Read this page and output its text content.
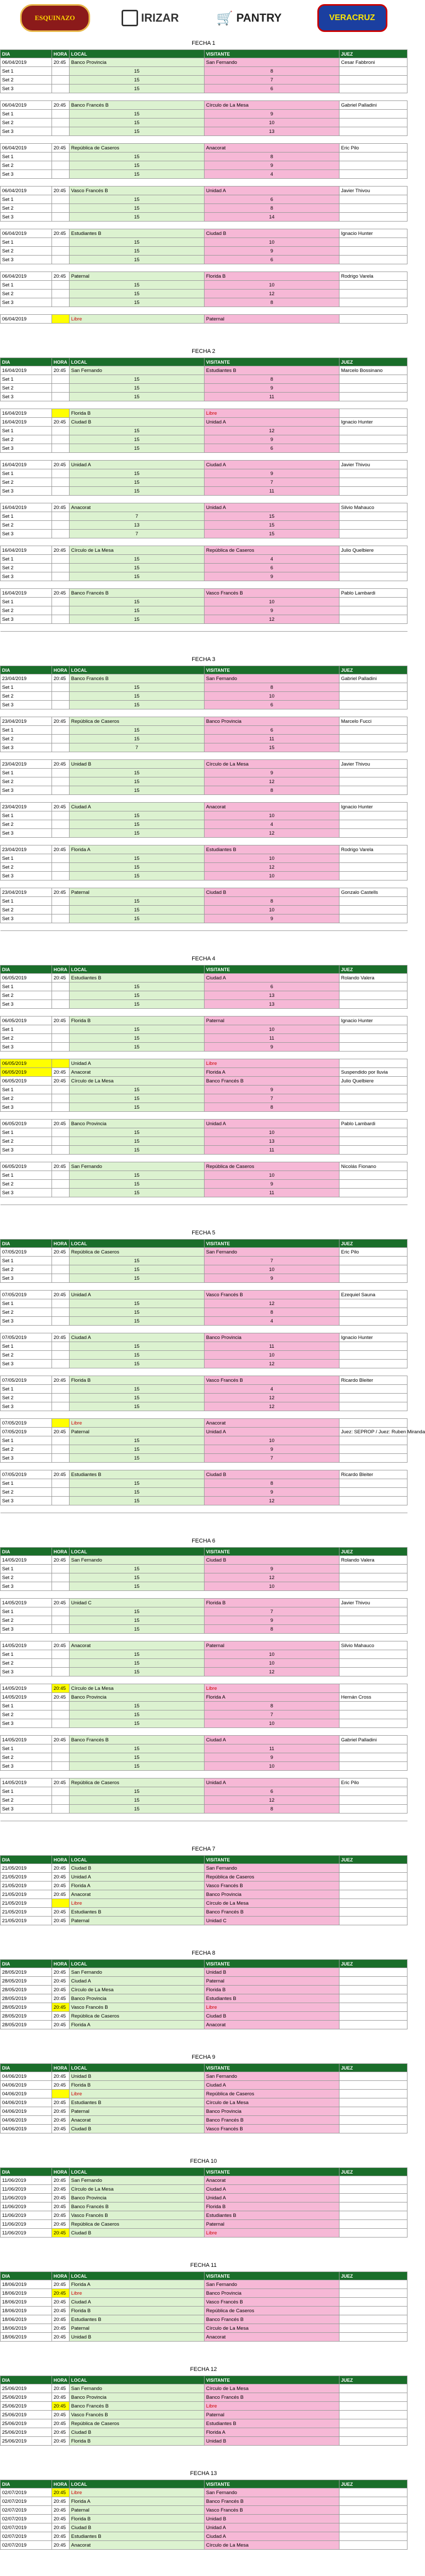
ESQUINAZO	IRIZAR	🛒 PANTRY	VERACRUZ
FECHA 1
DIA	HORA	LOCAL	VISITANTE	JUEZ
06/04/2019	20:45	Banco Provincia	San Fernando	Cesar Fabbroni
Set 1		15	8	
Set 2		15	7	
Set 3		15	6	

06/04/2019	20:45	Banco Francés B	Círculo de La Mesa	Gabriel Palladini
Set 1		15	9	
Set 2		15	10	
Set 3		15	13	

06/04/2019	20:45	República de Caseros	Anacorat	Eric Pilo
Set 1		15	8	
Set 2		15	9	
Set 3		15	4	

06/04/2019	20:45	Vasco Francés B	Unidad A	Javier Thivou
Set 1		15	6	
Set 2		15	8	
Set 3		15	14	

06/04/2019	20:45	Estudiantes B	Ciudad B	Ignacio Hunter
Set 1		15	10	
Set 2		15	9	
Set 3		15	6	

06/04/2019	20:45	Paternal	Florida B	Rodrigo Varela
Set 1		15	10	
Set 2		15	12	
Set 3		15	8	

06/04/2019		Libre	Paternal	
FECHA 2
DIA	HORA	LOCAL	VISITANTE	JUEZ
16/04/2019	20:45	San Fernando	Estudiantes B	Marcelo Bossinano
Set 1		15	8	
Set 2		15	9	
Set 3		15	11	

16/04/2019		Florida B	Libre	
16/04/2019	20:45	Ciudad B	Unidad A	Ignacio Hunter
Set 1		15	12	
Set 2		15	9	
Set 3		15	6	

16/04/2019	20:45	Unidad A	Ciudad A	Javier Thivou
Set 1		15	9	
Set 2		15	7	
Set 3		15	11	

16/04/2019	20:45	Anacorat	Unidad A	Silvio Mahauco
Set 1		7	15	
Set 2		13	15	
Set 3		7	15	

16/04/2019	20:45	Círculo de La Mesa	República de Caseros	Julio Quelbiere
Set 1		15	4	
Set 2		15	6	
Set 3		15	9	

16/04/2019	20:45	Banco Francés B	Vasco Francés B	Pablo Lambardi
Set 1		15	10	
Set 2		15	9	
Set 3		15	12	

FECHA 3
DIA	HORA	LOCAL	VISITANTE	JUEZ
23/04/2019	20:45	Banco Francés B	San Fernando	Gabriel Palladini
Set 1		15	8	
Set 2		15	10	
Set 3		15	6	

23/04/2019	20:45	República de Caseros	Banco Provincia	Marcelo Fucci
Set 1		15	6	
Set 2		15	11	
Set 3		7	15	

23/04/2019	20:45	Unidad B	Círculo de La Mesa	Javier Thivou
Set 1		15	9	
Set 2		15	12	
Set 3		15	8	

23/04/2019	20:45	Ciudad A	Anacorat	Ignacio Hunter
Set 1		15	10	
Set 2		15	4	
Set 3		15	12	

23/04/2019	20:45	Florida A	Estudiantes B	Rodrigo Varela
Set 1		15	10	
Set 2		15	12	
Set 3		15	10	

23/04/2019	20:45	Paternal	Ciudad B	Gonzalo Castells
Set 1		15	8	
Set 2		15	10	
Set 3		15	9	

FECHA 4
DIA	HORA	LOCAL	VISITANTE	JUEZ
06/05/2019	20:45	Estudiantes B	Ciudad A	Rolando Valera
Set 1		15	6	
Set 2		15	13	
Set 3		15	13	

06/05/2019	20:45	Florida B	Paternal	Ignacio Hunter
Set 1		15	10	
Set 2		15	11	
Set 3		15	9	

06/05/2019		Unidad A	Libre	
06/05/2019	20:45	Anacorat	Florida A	Suspendido por lluvia
06/05/2019	20:45	Círculo de La Mesa	Banco Francés B	Julio Quelbiere
Set 1		15	9	
Set 2		15	7	
Set 3		15	8	

06/05/2019	20:45	Banco Provincia	Unidad A	Pablo Lambardi
Set 1		15	10	
Set 2		15	13	
Set 3		15	11	

06/05/2019	20:45	San Fernando	República de Caseros	Nicolás Fionano
Set 1		15	10	
Set 2		15	9	
Set 3		15	11	

FECHA 5
DIA	HORA	LOCAL	VISITANTE	JUEZ
07/05/2019	20:45	República de Caseros	San Fernando	Eric Pilo
Set 1		15	7	
Set 2		15	10	
Set 3		15	9	

07/05/2019	20:45	Unidad A	Vasco Francés B	Ezequiel Sauna
Set 1		15	12	
Set 2		15	8	
Set 3		15	4	

07/05/2019	20:45	Ciudad A	Banco Provincia	Ignacio Hunter
Set 1		15	11	
Set 2		15	10	
Set 3		15	12	

07/05/2019	20:45	Florida B	Vasco Francés B	Ricardo Bleiter
Set 1		15	4	
Set 2		15	12	
Set 3		15	12	

07/05/2019		Libre	Anacorat	
07/05/2019	20:45	Paternal	Unidad A	Juez: SEPROP / Juez: Ruben Miranda
Set 1		15	10	
Set 2		15	9	
Set 3		15	7	

07/05/2019	20:45	Estudiantes B	Ciudad B	Ricardo Bleiter
Set 1		15	8	
Set 2		15	9	
Set 3		15	12	

FECHA 6
DIA	HORA	LOCAL	VISITANTE	JUEZ
14/05/2019	20:45	San Fernando	Ciudad B	Rolando Valera
Set 1		15	9	
Set 2		15	12	
Set 3		15	10	

14/05/2019	20:45	Unidad C	Florida B	Javier Thivou
Set 1		15	7	
Set 2		15	9	
Set 3		15	8	

14/05/2019	20:45	Anacorat	Paternal	Silvio Mahauco
Set 1		15	10	
Set 2		15	10	
Set 3		15	12	

14/05/2019	20:45	Círculo de La Mesa	Libre	
14/05/2019	20:45	Banco Provincia	Florida A	Hernán Cross
Set 1		15	8	
Set 2		15	7	
Set 3		15	10	

14/05/2019	20:45	Banco Francés B	Ciudad A	Gabriel Palladini
Set 1		15	11	
Set 2		15	9	
Set 3		15	10	

14/05/2019	20:45	República de Caseros	Unidad A	Eric Pilo
Set 1		15	6	
Set 2		15	12	
Set 3		15	8	

FECHA 7
DIA	HORA	LOCAL	VISITANTE	JUEZ
21/05/2019	20:45	Ciudad B	San Fernando	
21/05/2019	20:45	Unidad A	República de Caseros	
21/05/2019	20:45	Florida A	Vasco Francés B	
21/05/2019	20:45	Anacorat	Banco Provincia	
21/05/2019		Libre	Círculo de La Mesa	
21/05/2019	20:45	Estudiantes B	Banco Francés B	
21/05/2019	20:45	Paternal	Unidad C	
FECHA 8
DIA	HORA	LOCAL	VISITANTE	JUEZ
28/05/2019	20:45	San Fernando	Unidad B	
28/05/2019	20:45	Ciudad A	Paternal	
28/05/2019	20:45	Círculo de La Mesa	Florida B	
28/05/2019	20:45	Banco Provincia	Estudiantes B	
28/05/2019	20:45	Vasco Francés B	Libre	
28/05/2019	20:45	República de Caseros	Ciudad B	
28/05/2019	20:45	Florida A	Anacorat	
FECHA 9
DIA	HORA	LOCAL	VISITANTE	JUEZ
04/06/2019	20:45	Unidad B	San Fernando	
04/06/2019	20:45	Florida B	Ciudad A	
04/06/2019		Libre	República de Caseros	
04/06/2019	20:45	Estudiantes B	Círculo de La Mesa	
04/06/2019	20:45	Paternal	Banco Provincia	
04/06/2019	20:45	Anacorat	Banco Francés B	
04/06/2019	20:45	Ciudad B	Vasco Francés B	
FECHA 10
DIA	HORA	LOCAL	VISITANTE	JUEZ
11/06/2019	20:45	San Fernando	Anacorat	
11/06/2019	20:45	Círculo de La Mesa	Ciudad A	
11/06/2019	20:45	Banco Provincia	Unidad A	
11/06/2019	20:45	Banco Francés B	Florida B	
11/06/2019	20:45	Vasco Francés B	Estudiantes B	
11/06/2019	20:45	República de Caseros	Paternal	
11/06/2019	20:45	Ciudad B	Libre	
FECHA 11
DIA	HORA	LOCAL	VISITANTE	JUEZ
18/06/2019	20:45	Florida A	San Fernando	
18/06/2019	20:45	Libre	Banco Provincia	
18/06/2019	20:45	Ciudad A	Vasco Francés B	
18/06/2019	20:45	Florida B	República de Caseros	
18/06/2019	20:45	Estudiantes B	Banco Francés B	
18/06/2019	20:45	Paternal	Círculo de La Mesa	
18/06/2019	20:45	Unidad B	Anacorat	
FECHA 12
DIA	HORA	LOCAL	VISITANTE	JUEZ
25/06/2019	20:45	San Fernando	Círculo de La Mesa	
25/06/2019	20:45	Banco Provincia	Banco Francés B	
25/06/2019	20:45	Banco Francés B	Libre	
25/06/2019	20:45	Vasco Francés B	Paternal	
25/06/2019	20:45	República de Caseros	Estudiantes B	
25/06/2019	20:45	Ciudad B	Florida A	
25/06/2019	20:45	Florida B	Unidad B	
FECHA 13
DIA	HORA	LOCAL	VISITANTE	JUEZ
02/07/2019	20:45	Libre	San Fernando	
02/07/2019	20:45	Florida A	Banco Francés B	
02/07/2019	20:45	Paternal	Vasco Francés B	
02/07/2019	20:45	Florida B	Unidad B	
02/07/2019	20:45	Ciudad B	Unidad A	
02/07/2019	20:45	Estudiantes B	Ciudad A	
02/07/2019	20:45	Anacorat	Círculo de La Mesa	
